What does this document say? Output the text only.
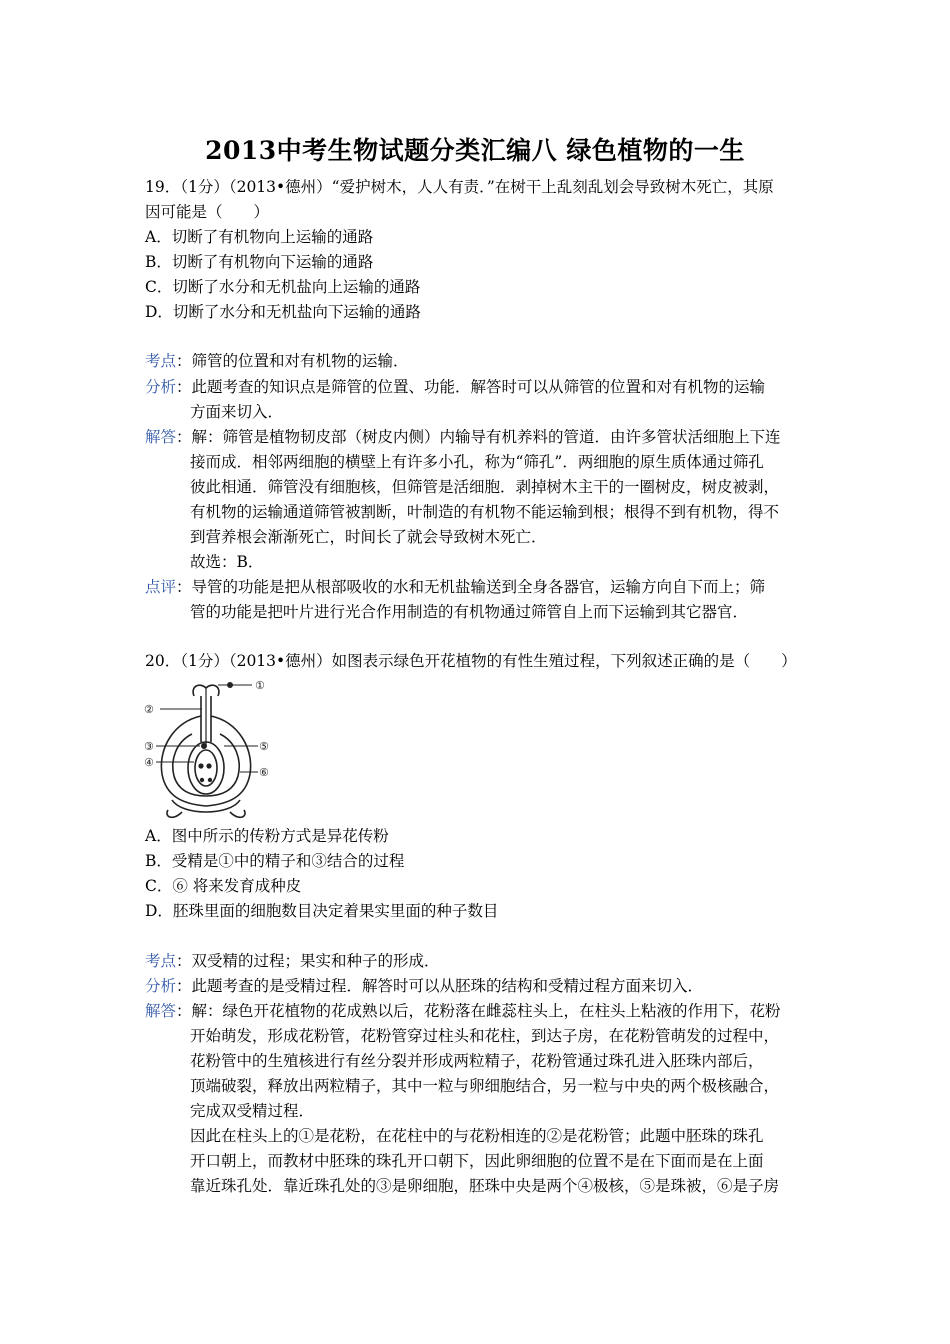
2013中考生物试题分类汇编八 绿色植物的一生
19．（1分）（2013•德州）“爱护树木，人人有责．”在树干上乱刻乱划会导致树木死亡，其原
因可能是（　　）
A．切断了有机物向上运输的通路
B．切断了有机物向下运输的通路
C．切断了水分和无机盐向上运输的通路
D．切断了水分和无机盐向下运输的通路
考点：筛管的位置和对有机物的运输．
分析：此题考查的知识点是筛管的位置、功能．解答时可以从筛管的位置和对有机物的运输
方面来切入．
解答：解：筛管是植物韧皮部（树皮内侧）内输导有机养料的管道．由许多管状活细胞上下连
接而成．相邻两细胞的横壁上有许多小孔，称为“筛孔”．两细胞的原生质体通过筛孔
彼此相通．筛管没有细胞核，但筛管是活细胞．剥掉树木主干的一圈树皮，树皮被剥，
有机物的运输通道筛管被割断，叶制造的有机物不能运输到根；根得不到有机物，得不
到营养根会渐渐死亡，时间长了就会导致树木死亡．
故选：B．
点评：导管的功能是把从根部吸收的水和无机盐输送到全身各器官，运输方向自下而上；筛
管的功能是把叶片进行光合作用制造的有机物通过筛管自上而下运输到其它器官．
20．（1分）（2013•德州）如图表示绿色开花植物的有性生殖过程，下列叙述正确的是（　　）
①
②
③
④
⑤
⑥
A．图中所示的传粉方式是异花传粉
B．受精是①中的精子和③结合的过程
C．⑥ 将来发育成种皮
D．胚珠里面的细胞数目决定着果实里面的种子数目
考点：双受精的过程；果实和种子的形成．
分析：此题考查的是受精过程．解答时可以从胚珠的结构和受精过程方面来切入．
解答：解：绿色开花植物的花成熟以后，花粉落在雌蕊柱头上，在柱头上粘液的作用下，花粉
开始萌发，形成花粉管，花粉管穿过柱头和花柱，到达子房，在花粉管萌发的过程中，
花粉管中的生殖核进行有丝分裂并形成两粒精子，花粉管通过珠孔进入胚珠内部后，
顶端破裂，释放出两粒精子，其中一粒与卵细胞结合，另一粒与中央的两个极核融合，
完成双受精过程．
因此在柱头上的①是花粉，在花柱中的与花粉相连的②是花粉管；此题中胚珠的珠孔
开口朝上，而教材中胚珠的珠孔开口朝下，因此卵细胞的位置不是在下面而是在上面
靠近珠孔处．靠近珠孔处的③是卵细胞，胚珠中央是两个④极核，⑤是珠被，⑥是子房
